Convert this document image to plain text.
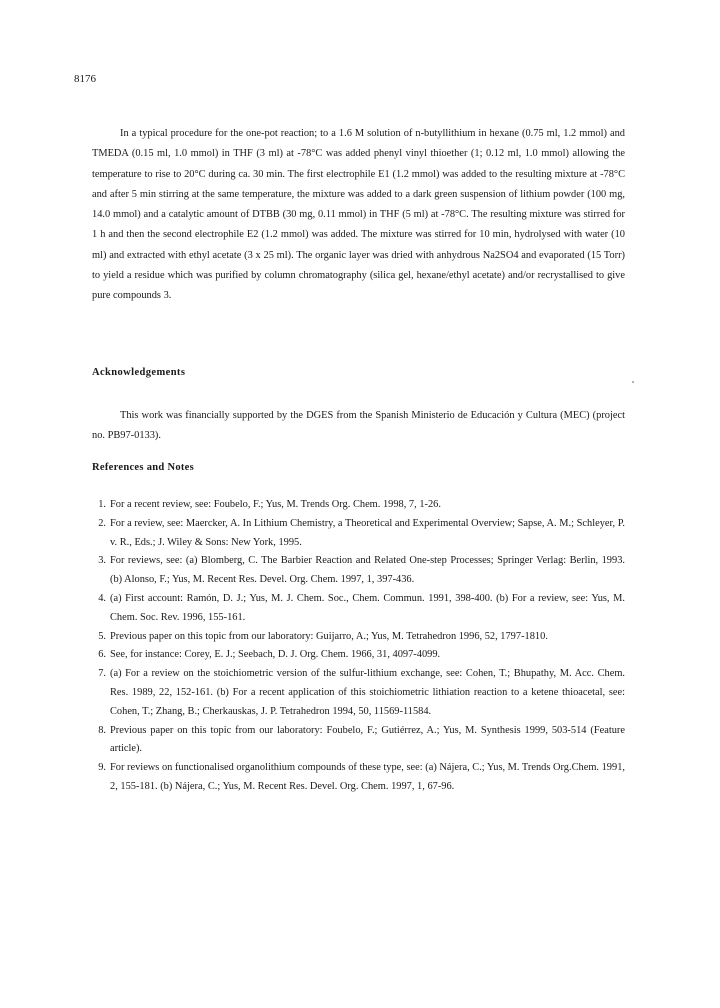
8176

In a typical procedure for the one-pot reaction; to a 1.6 M solution of n-butyllithium in hexane (0.75 ml, 1.2 mmol) and TMEDA (0.15 ml, 1.0 mmol) in THF (3 ml) at -78°C was added phenyl vinyl thioether (1; 0.12 ml, 1.0 mmol) allowing the temperature to rise to 20°C during ca. 30 min. The first electrophile E1 (1.2 mmol) was added to the resulting mixture at -78°C and after 5 min stirring at the same temperature, the mixture was added to a dark green suspension of lithium powder (100 mg, 14.0 mmol) and a catalytic amount of DTBB (30 mg, 0.11 mmol) in THF (5 ml) at -78°C. The resulting mixture was stirred for 1 h and then the second electrophile E2 (1.2 mmol) was added. The mixture was stirred for 10 min, hydrolysed with water (10 ml) and extracted with ethyl acetate (3 x 25 ml). The organic layer was dried with anhydrous Na2SO4 and evaporated (15 Torr) to yield a residue which was purified by column chromatography (silica gel, hexane/ethyl acetate) and/or recrystallised to give pure compounds 3.

Acknowledgements

This work was financially supported by the DGES from the Spanish Ministerio de Educación y Cultura (MEC) (project no. PB97-0133).

References and Notes
1. For a recent review, see: Foubelo, F.; Yus, M. Trends Org. Chem. 1998, 7, 1-26.
2. For a review, see: Maercker, A. In Lithium Chemistry, a Theoretical and Experimental Overview; Sapse, A. M.; Schleyer, P. v. R., Eds.; J. Wiley & Sons: New York, 1995.
3. For reviews, see: (a) Blomberg, C. The Barbier Reaction and Related One-step Processes; Springer Verlag: Berlin, 1993. (b) Alonso, F.; Yus, M. Recent Res. Devel. Org. Chem. 1997, 1, 397-436.
4. (a) First account: Ramón, D. J.; Yus, M. J. Chem. Soc., Chem. Commun. 1991, 398-400. (b) For a review, see: Yus, M. Chem. Soc. Rev. 1996, 155-161.
5. Previous paper on this topic from our laboratory: Guijarro, A.; Yus, M. Tetrahedron 1996, 52, 1797-1810.
6. See, for instance: Corey, E. J.; Seebach, D. J. Org. Chem. 1966, 31, 4097-4099.
7. (a) For a review on the stoichiometric version of the sulfur-lithium exchange, see: Cohen, T.; Bhupathy, M. Acc. Chem. Res. 1989, 22, 152-161. (b) For a recent application of this stoichiometric lithiation reaction to a ketene thioacetal, see: Cohen, T.; Zhang, B.; Cherkauskas, J. P. Tetrahedron 1994, 50, 11569-11584.
8. Previous paper on this topic from our laboratory: Foubelo, F.; Gutiérrez, A.; Yus, M. Synthesis 1999, 503-514 (Feature article).
9. For reviews on functionalised organolithium compounds of these type, see: (a) Nájera, C.; Yus, M. Trends Org.Chem. 1991, 2, 155-181. (b) Nájera, C.; Yus, M. Recent Res. Devel. Org. Chem. 1997, 1, 67-96.
